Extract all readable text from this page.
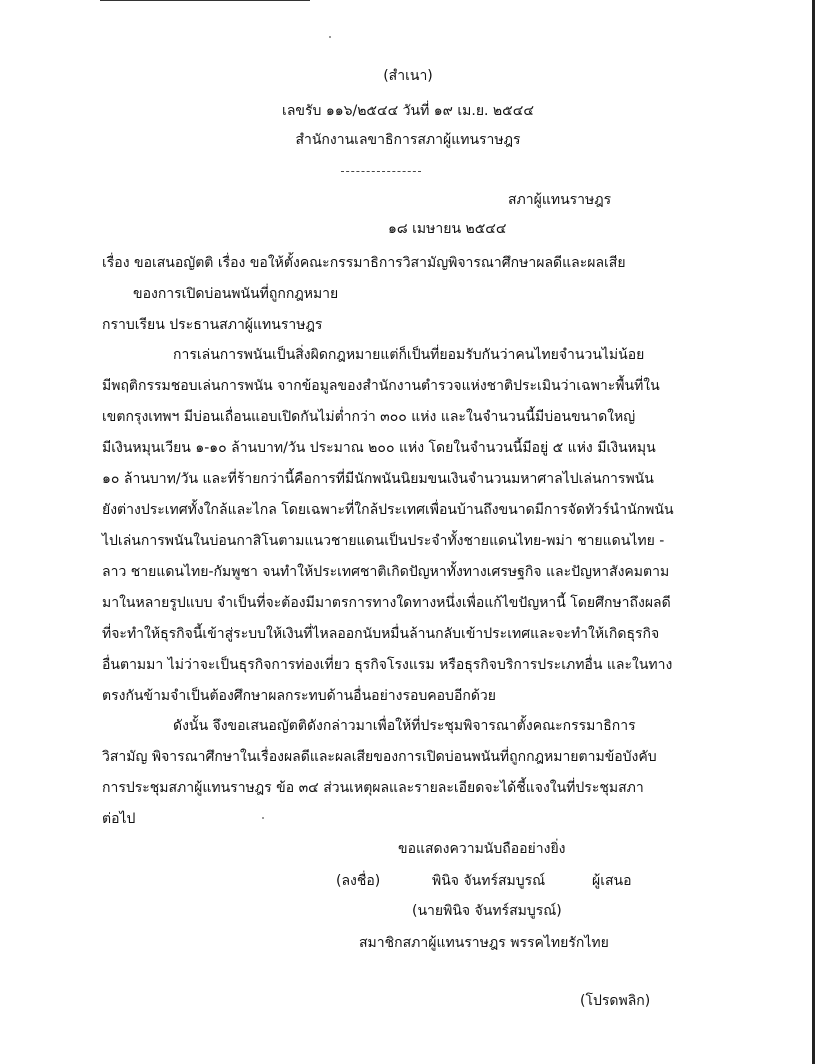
(สำเนา)
เลขรับ ๑๑๖/๒๕๔๔ วันที่ ๑๙ เม.ย. ๒๕๔๔
สำนักงานเลขาธิการสภาผู้แทนราษฎร
สภาผู้แทนราษฎร
๑๘ เมษายน ๒๕๔๔
เรื่อง ขอเสนอญัตติ เรื่อง ขอให้ตั้งคณะกรรมาธิการวิสามัญพิจารณาศึกษาผลดีและผลเสีย
ของการเปิดบ่อนพนันที่ถูกกฎหมาย
กราบเรียน ประธานสภาผู้แทนราษฎร
การเล่นการพนันเป็นสิ่งผิดกฎหมายแต่ก็เป็นที่ยอมรับกันว่าคนไทยจำนวนไม่น้อย
มีพฤติกรรมชอบเล่นการพนัน จากข้อมูลของสำนักงานตำรวจแห่งชาติประเมินว่าเฉพาะพื้นที่ใน
เขตกรุงเทพฯ มีบ่อนเถื่อนแอบเปิดกันไม่ต่ำกว่า ๓๐๐ แห่ง และในจำนวนนี้มีบ่อนขนาดใหญ่
มีเงินหมุนเวียน ๑-๑๐ ล้านบาท/วัน ประมาณ ๒๐๐ แห่ง โดยในจำนวนนี้มีอยู่ ๕ แห่ง มีเงินหมุน
๑๐ ล้านบาท/วัน และที่ร้ายกว่านี้คือการที่มีนักพนันนิยมขนเงินจำนวนมหาศาลไปเล่นการพนัน
ยังต่างประเทศทั้งใกล้และไกล โดยเฉพาะที่ใกล้ประเทศเพื่อนบ้านถึงขนาดมีการจัดทัวร์นำนักพนัน
ไปเล่นการพนันในบ่อนกาสิโนตามแนวชายแดนเป็นประจำทั้งชายแดนไทย-พม่า ชายแดนไทย -
ลาว ชายแดนไทย-กัมพูชา จนทำให้ประเทศชาติเกิดปัญหาทั้งทางเศรษฐกิจ และปัญหาสังคมตาม
มาในหลายรูปแบบ จำเป็นที่จะต้องมีมาตรการทางใดทางหนึ่งเพื่อแก้ไขปัญหานี้ โดยศึกษาถึงผลดี
ที่จะทำให้ธุรกิจนี้เข้าสู่ระบบให้เงินที่ไหลออกนับหมื่นล้านกลับเข้าประเทศและจะทำให้เกิดธุรกิจ
อื่นตามมา ไม่ว่าจะเป็นธุรกิจการท่องเที่ยว ธุรกิจโรงแรม หรือธุรกิจบริการประเภทอื่น และในทาง
ตรงกันข้ามจำเป็นต้องศึกษาผลกระทบด้านอื่นอย่างรอบคอบอีกด้วย
ดังนั้น จึงขอเสนอญัตติดังกล่าวมาเพื่อให้ที่ประชุมพิจารณาตั้งคณะกรรมาธิการ
วิสามัญ พิจารณาศึกษาในเรื่องผลดีและผลเสียของการเปิดบ่อนพนันที่ถูกกฎหมายตามข้อบังคับ
การประชุมสภาผู้แทนราษฎร ข้อ ๓๔ ส่วนเหตุผลและรายละเอียดจะได้ชี้แจงในที่ประชุมสภา
ต่อไป
ขอแสดงความนับถืออย่างยิ่ง
(ลงชื่อ)	พินิจ จันทร์สมบูรณ์	ผู้เสนอ
(นายพินิจ จันทร์สมบูรณ์)
สมาชิกสภาผู้แทนราษฎร พรรคไทยรักไทย
(โปรดพลิก)
